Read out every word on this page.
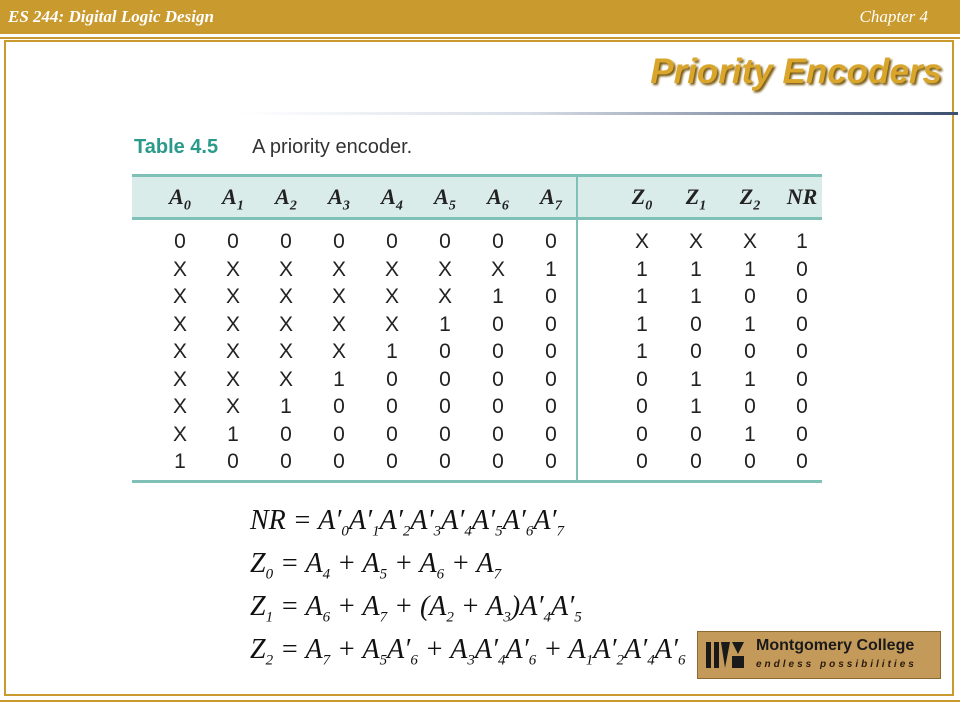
ES 244: Digital Logic Design	Chapter 4
Priority Encoders
Table 4.5 A priority encoder.
$A_0$	$A_1$	$A_2$	$A_3$	$A_4$	$A_5$	$A_6$	$A_7$	$Z_0$	$Z_1$	$Z_2$	NR
0	0	0	0	0	0	0	0	X	X	X	1
X	X	X	X	X	X	X	1	1	1	1	0
X	X	X	X	X	X	1	0	1	1	0	0
X	X	X	X	X	1	0	0	1	0	1	0
X	X	X	X	1	0	0	0	1	0	0	0
X	X	X	1	0	0	0	0	0	1	1	0
X	X	1	0	0	0	0	0	0	1	0	0
X	1	0	0	0	0	0	0	0	0	1	0
1	0	0	0	0	0	0	0	0	0	0	0
NR = $A'_0A'_1A'_2A'_3A'_4A'_5A'_6A'_7$
$Z_0 = A_4 + A_5 + A_6 + A_7$
$Z_1 = A_6 + A_7 + (A_2 + A_3)A'_4A'_5$
$Z_2 = A_7 + A_5A'_6 + A_3A'_4A'_6 + A_1A'_2A'_4A'_6$
Montgomery College
endless possibilities
